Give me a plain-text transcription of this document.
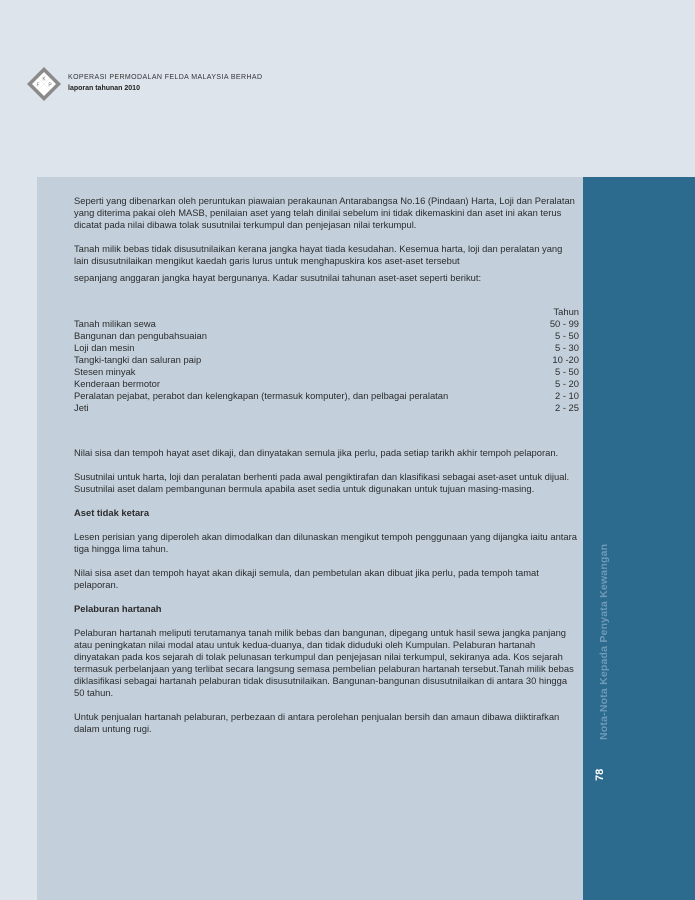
K
F P
KOPERASI PERMODALAN FELDA MALAYSIA BERHAD
laporan tahunan 2010
Nota-Nota Kepada Penyata Kewangan
78

Seperti yang dibenarkan oleh peruntukan piawaian perakaunan Antarabangsa No.16 (Pindaan) Harta, Loji dan Peralatan yang diterima pakai oleh MASB, penilaian aset yang telah dinilai sebelum ini tidak dikemaskini dan aset ini akan terus dicatat pada nilai dibawa tolak susutnilai terkumpul dan penjejasan nilai terkumpul.

Tanah milik bebas tidak disusutnilaikan kerana jangka hayat tiada kesudahan. Kesemua harta, loji dan peralatan yang lain disusutnilaikan mengikut kaedah garis lurus untuk menghapuskira kos aset-aset tersebut

sepanjang anggaran jangka hayat bergunanya. Kadar susutnilai tahunan aset-aset seperti berikut:

Tahun
Tanah milikan sewa	50 - 99
Bangunan dan pengubahsuaian	5 - 50
Loji dan mesin	5 - 30
Tangki-tangki dan saluran paip	10 -20
Stesen minyak	5 - 50
Kenderaan bermotor	5 - 20
Peralatan pejabat, perabot dan kelengkapan (termasuk komputer), dan pelbagai peralatan	2 - 10
Jeti	2 - 25

Nilai sisa dan tempoh hayat aset dikaji, dan dinyatakan semula jika perlu, pada setiap tarikh akhir tempoh pelaporan.

Susutnilai untuk harta, loji dan peralatan berhenti pada awal pengiktirafan dan klasifikasi sebagai aset-aset untuk dijual. Susutnilai aset dalam pembangunan bermula apabila aset sedia untuk digunakan untuk tujuan masing-masing.

Aset tidak ketara

Lesen perisian yang diperoleh akan dimodalkan dan dilunaskan mengikut tempoh penggunaan yang dijangka iaitu antara tiga hingga lima tahun.

Nilai sisa aset dan tempoh hayat akan dikaji semula, dan pembetulan akan dibuat jika perlu, pada tempoh tamat pelaporan.

Pelaburan hartanah

Pelaburan hartanah meliputi terutamanya tanah milik bebas dan bangunan, dipegang untuk hasil sewa jangka panjang atau peningkatan nilai modal atau untuk kedua-duanya, dan tidak diduduki oleh Kumpulan. Pelaburan hartanah dinyatakan pada kos sejarah di tolak pelunasan terkumpul dan penjejasan nilai terkumpul, sekiranya ada. Kos sejarah termasuk perbelanjaan yang terlibat secara langsung semasa pembelian pelaburan hartanah tersebut.Tanah milik bebas diklasifikasi sebagai hartanah pelaburan tidak disusutnilaikan. Bangunan-bangunan disusutnilaikan di antara 30 hingga 50 tahun.

Untuk penjualan hartanah pelaburan, perbezaan di antara perolehan penjualan bersih dan amaun dibawa diiktirafkan dalam untung rugi.
